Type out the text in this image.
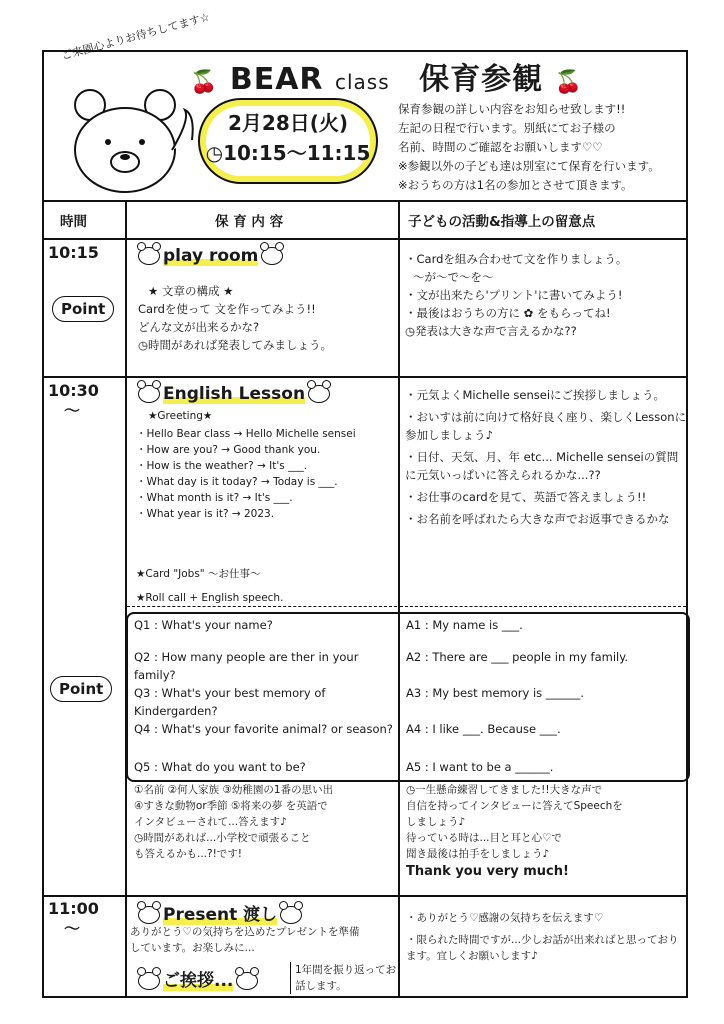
ご来園心よりお待ちしてます☆
🍒 BEAR class 保育参観 🍒
2月28日(火)
◷10:15〜11:15
保育参観の詳しい内容をお知らせ致します!!
左記の日程で行います。別紙にてお子様の
名前、時間のご確認をお願いします♡♡
※参観以外の子ども達は別室にて保育を行います。
※おうちの方は1名の参加とさせて頂きます。
時間	保 育 内 容	子どもの活動&指導上の留意点
10:15
10:30
〜
11:00
〜
Point
Point
play room
★ 文章の構成 ★
Cardを使って 文を作ってみよう!!
どんな文が出来るかな?
◷時間があれば発表してみましょう。
・Cardを組み合わせて文を作りましょう。
〜が〜で〜を〜
・文が出来たら'プリント'に書いてみよう!
・最後はおうちの方に ✿ をもらってね!
◷発表は大きな声で言えるかな??
English Lesson
★Greeting★
・Hello Bear class → Hello Michelle sensei
・How are you? → Good thank you.
・How is the weather? → It's ___.
・What day is it today? → Today is ___.
・What month is it? → It's ___.
・What year is it? → 2023.
★Card "Jobs" 〜お仕事〜
★Roll call + English speech.
・元気よくMichelle senseiにご挨拶しましょう。
・おいすは前に向けて格好良く座り、楽しくLessonに参加しましょう♪
・日付、天気、月、年 etc... Michelle senseiの質問に元気いっぱいに答えられるかな...??
・お仕事のcardを見て、英語で答えましょう!!
・お名前を呼ばれたら大きな声でお返事できるかな
Q1 : What's your name?
Q2 : How many people are ther in your family?
Q3 : What's your best memory of Kindergarden?
Q4 : What's your favorite animal? or season?
Q5 : What do you want to be?
A1 : My name is ___.
A2 : There are ___ people in my family.
A3 : My best memory is ______.
A4 : I like ___. Because ___.
A5 : I want to be a ______.
①名前 ②何人家族 ③幼稚園の1番の思い出
④すきな動物or季節 ⑤将来の夢 を英語で
インタビューされて...答えます♪
◷時間があれば...小学校で頑張ること
も答えるかも...?!です!
◷一生懸命練習してきました!!大きな声で
自信を持ってインタビューに答えてSpeechを
しましょう♪
待っている時は...目と耳と心♡で
聞き最後は拍手をしましょう♪
Thank you very much!
Present 渡し
ありがとう♡の気持ちを込めたプレゼントを準備
しています。お楽しみに...
ご挨拶...
1年間を振り返ってお話します。
・ありがとう♡感謝の気持ちを伝えます♡
・限られた時間ですが...少しお話が出来ればと思っております。宜しくお願いします♪
